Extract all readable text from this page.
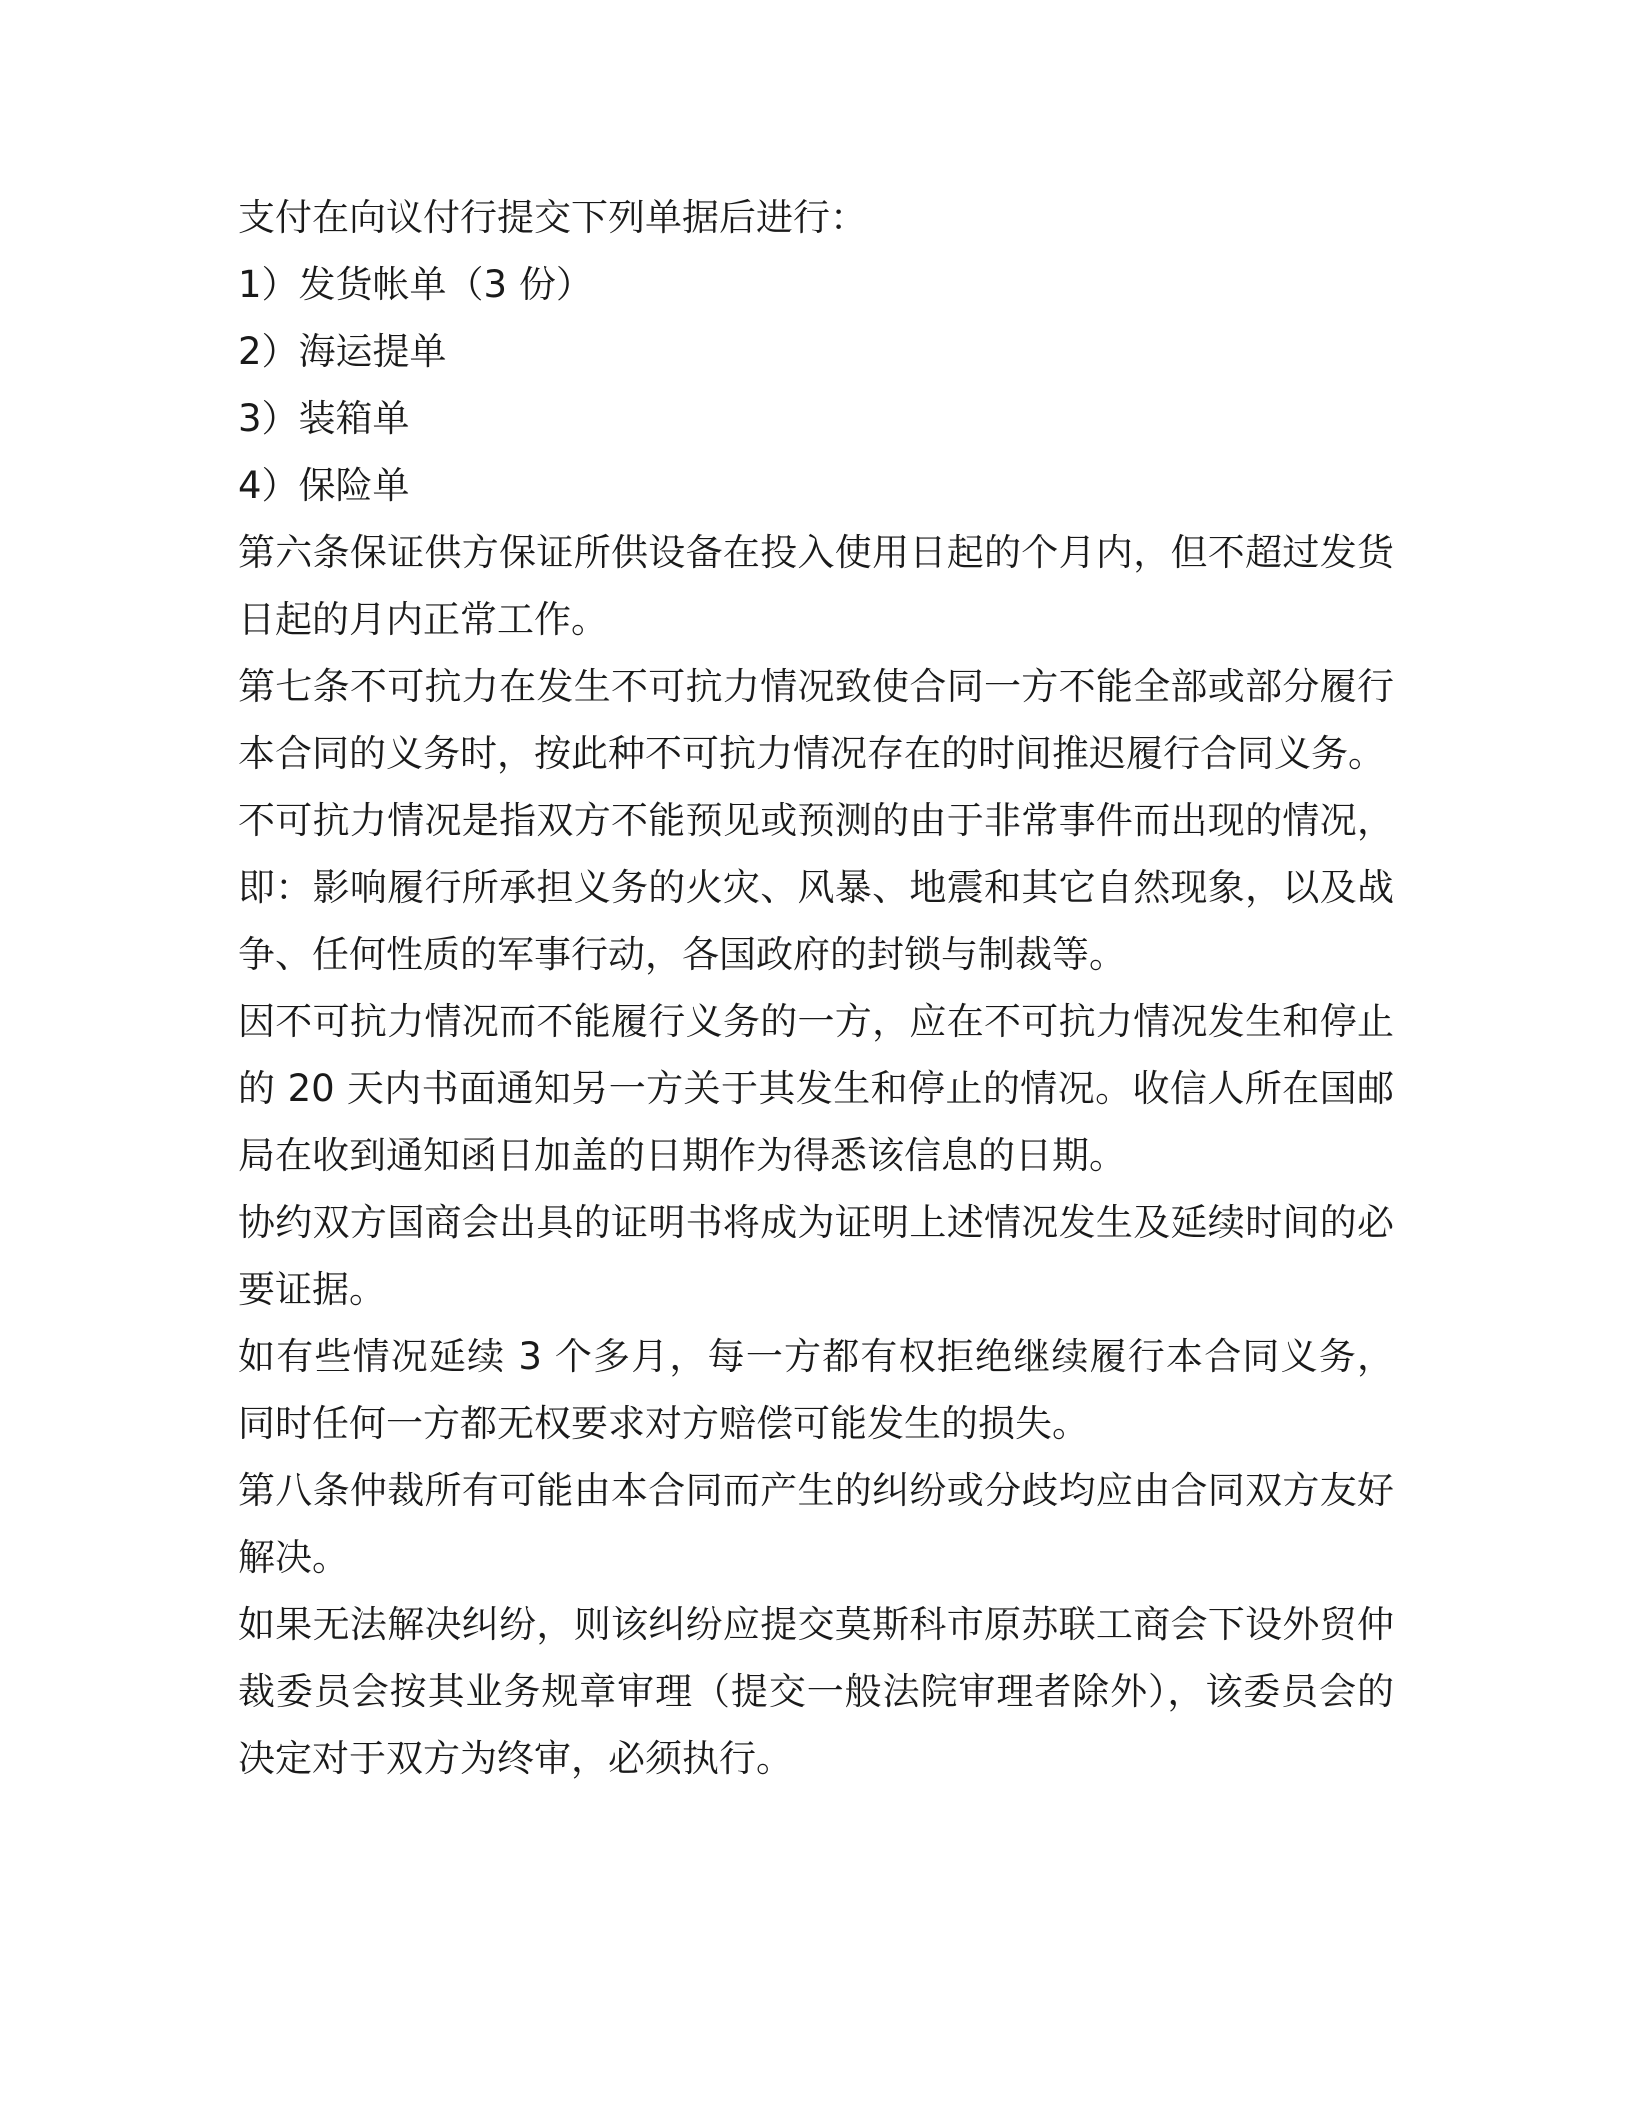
支付在向议付行提交下列单据后进行：

1）发货帐单（3 份）

2）海运提单

3）装箱单

4）保险单

第六条保证供方保证所供设备在投入使用日起的个月内，但不超过发货日起的月内正常工作。

第七条不可抗力在发生不可抗力情况致使合同一方不能全部或部分履行本合同的义务时，按此种不可抗力情况存在的时间推迟履行合同义务。

不可抗力情况是指双方不能预见或预测的由于非常事件而出现的情况，即：影响履行所承担义务的火灾、风暴、地震和其它自然现象，以及战争、任何性质的军事行动，各国政府的封锁与制裁等。

因不可抗力情况而不能履行义务的一方，应在不可抗力情况发生和停止的 20 天内书面通知另一方关于其发生和停止的情况。收信人所在国邮局在收到通知函日加盖的日期作为得悉该信息的日期。

协约双方国商会出具的证明书将成为证明上述情况发生及延续时间的必要证据。

如有些情况延续 3 个多月，每一方都有权拒绝继续履行本合同义务，同时任何一方都无权要求对方赔偿可能发生的损失。

第八条仲裁所有可能由本合同而产生的纠纷或分歧均应由合同双方友好解决。

如果无法解决纠纷，则该纠纷应提交莫斯科市原苏联工商会下设外贸仲裁委员会按其业务规章审理（提交一般法院审理者除外），该委员会的决定对于双方为终审，必须执行。
